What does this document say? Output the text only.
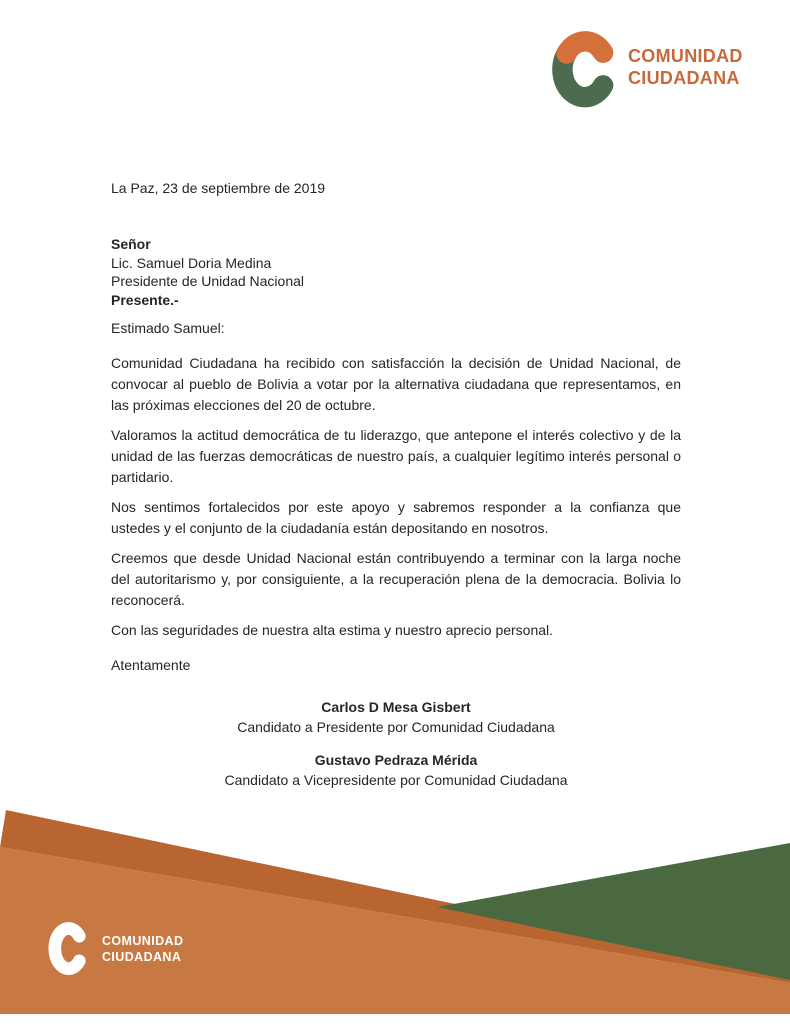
COMUNIDAD
CIUDADANA
La Paz, 23 de septiembre de 2019
Señor
Lic. Samuel Doria Medina
Presidente de Unidad Nacional
Presente.-
Estimado Samuel:

Comunidad Ciudadana ha recibido con satisfacción la decisión de Unidad Nacional, de convocar al pueblo de Bolivia a votar por la alternativa ciudadana que representamos, en las próximas elecciones del 20 de octubre.

Valoramos la actitud democrática de tu liderazgo, que antepone el interés colectivo y de la unidad de las fuerzas democráticas de nuestro país, a cualquier legítimo interés personal o partidario.

Nos sentimos fortalecidos por este apoyo y sabremos responder a la confianza que ustedes y el conjunto de la ciudadanía están depositando en nosotros.

Creemos que desde Unidad Nacional están contribuyendo a terminar con la larga noche del autoritarismo y, por consiguiente, a la recuperación plena de la democracia. Bolivia lo reconocerá.

Con las seguridades de nuestra alta estima y nuestro aprecio personal.

Atentamente
Carlos D Mesa Gisbert
Candidato a Presidente por Comunidad Ciudadana
Gustavo Pedraza Mérida
Candidato a Vicepresidente por Comunidad Ciudadana
COMUNIDAD
CIUDADANA
